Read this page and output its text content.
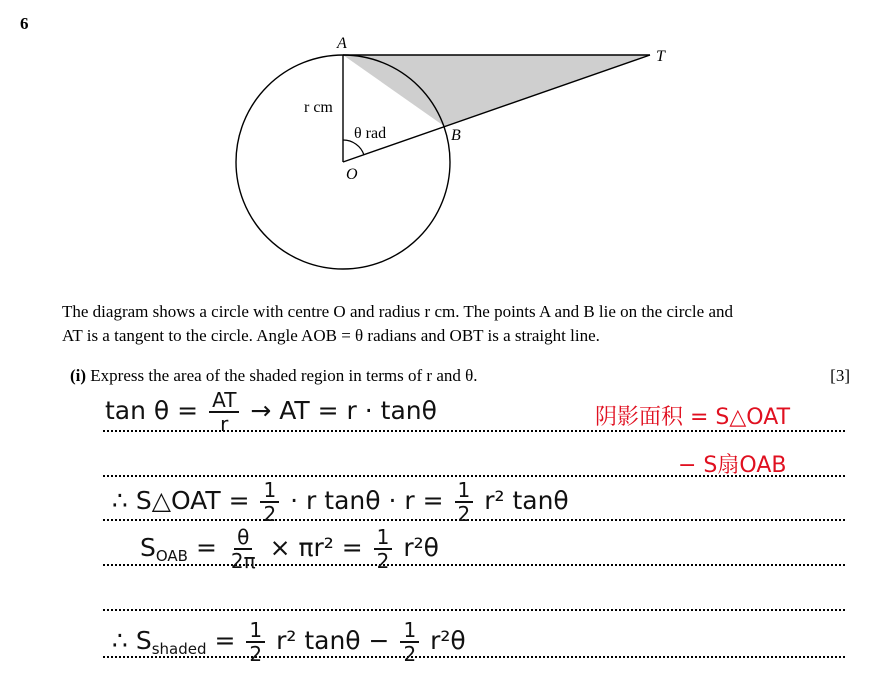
6
A
T
B
O
r cm
θ rad
The diagram shows a circle with centre O and radius r cm. The points A and B lie on the circle and
AT is a tangent to the circle. Angle AOB = θ radians and OBT is a straight line.
(i) Express the area of the shaded region in terms of r and θ.	[3]
$\tan \theta = \frac{AT}{r}$ → AT = r · tanθ	阴影面积 = S△OAT
− S扇OAB
∴ S△OAT = $\frac{1}{2} \cdot r$ $\tan\theta \cdot r = \frac{1}{2} r^2$ tanθ
$S_{OAB} = \frac{\theta}{2\pi} \times \pi r^2 = \frac{1}{2} r^2\theta$
∴ $S_{shaded} = \frac{1}{2} r^2$ $\tan\theta - \frac{1}{2} r^2\theta$
